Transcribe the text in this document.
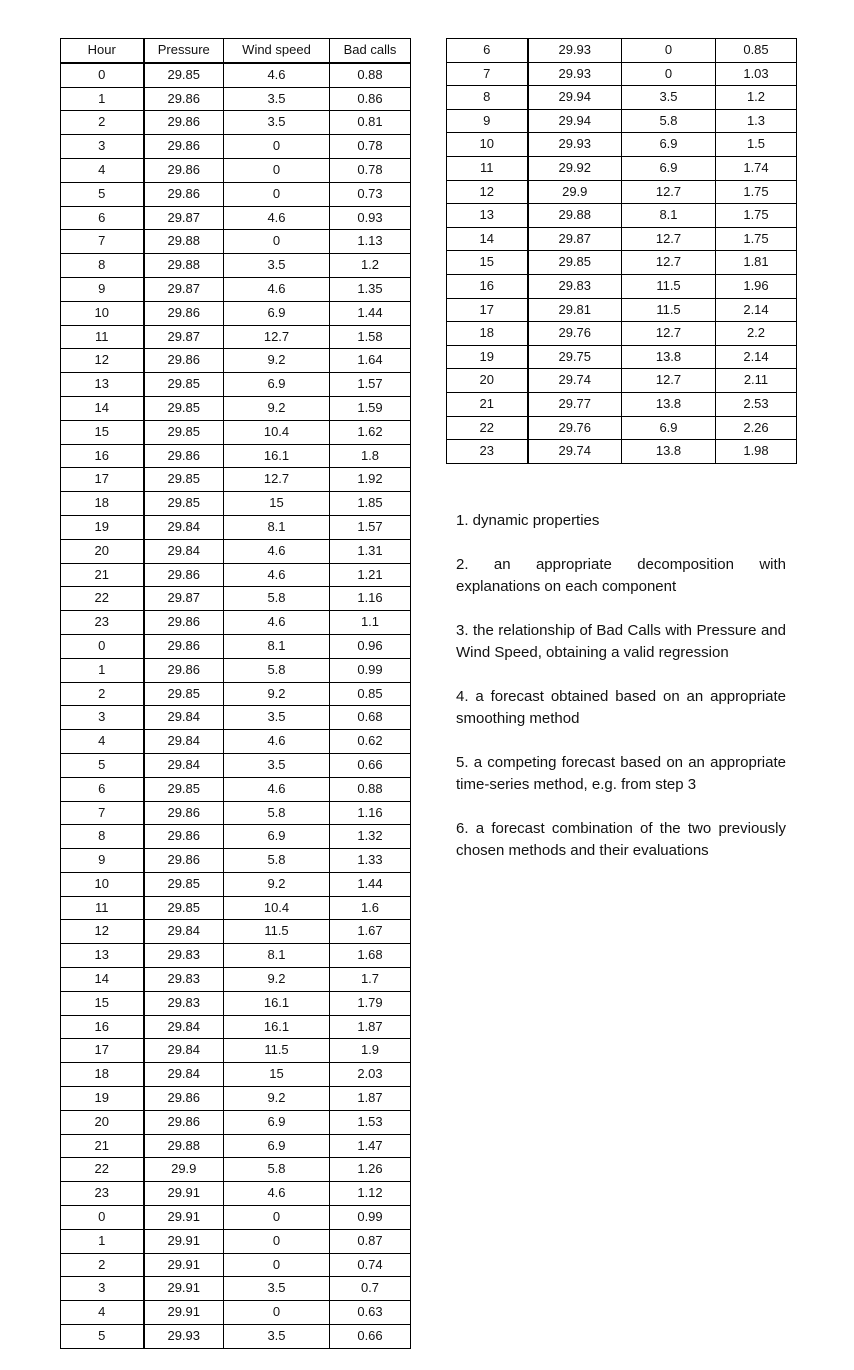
Hour	Pressure	Wind speed	Bad calls
0	29.85	4.6	0.88
1	29.86	3.5	0.86
2	29.86	3.5	0.81
3	29.86	0	0.78
4	29.86	0	0.78
5	29.86	0	0.73
6	29.87	4.6	0.93
7	29.88	0	1.13
8	29.88	3.5	1.2
9	29.87	4.6	1.35
10	29.86	6.9	1.44
11	29.87	12.7	1.58
12	29.86	9.2	1.64
13	29.85	6.9	1.57
14	29.85	9.2	1.59
15	29.85	10.4	1.62
16	29.86	16.1	1.8
17	29.85	12.7	1.92
18	29.85	15	1.85
19	29.84	8.1	1.57
20	29.84	4.6	1.31
21	29.86	4.6	1.21
22	29.87	5.8	1.16
23	29.86	4.6	1.1
0	29.86	8.1	0.96
1	29.86	5.8	0.99
2	29.85	9.2	0.85
3	29.84	3.5	0.68
4	29.84	4.6	0.62
5	29.84	3.5	0.66
6	29.85	4.6	0.88
7	29.86	5.8	1.16
8	29.86	6.9	1.32
9	29.86	5.8	1.33
10	29.85	9.2	1.44
11	29.85	10.4	1.6
12	29.84	11.5	1.67
13	29.83	8.1	1.68
14	29.83	9.2	1.7
15	29.83	16.1	1.79
16	29.84	16.1	1.87
17	29.84	11.5	1.9
18	29.84	15	2.03
19	29.86	9.2	1.87
20	29.86	6.9	1.53
21	29.88	6.9	1.47
22	29.9	5.8	1.26
23	29.91	4.6	1.12
0	29.91	0	0.99
1	29.91	0	0.87
2	29.91	0	0.74
3	29.91	3.5	0.7
4	29.91	0	0.63
5	29.93	3.5	0.66
6	29.93	0	0.85
7	29.93	0	1.03
8	29.94	3.5	1.2
9	29.94	5.8	1.3
10	29.93	6.9	1.5
11	29.92	6.9	1.74
12	29.9	12.7	1.75
13	29.88	8.1	1.75
14	29.87	12.7	1.75
15	29.85	12.7	1.81
16	29.83	11.5	1.96
17	29.81	11.5	2.14
18	29.76	12.7	2.2
19	29.75	13.8	2.14
20	29.74	12.7	2.11
21	29.77	13.8	2.53
22	29.76	6.9	2.26
23	29.74	13.8	1.98

1. dynamic properties

2. an appropriate decomposition with explanations on each component

3. the relationship of Bad Calls with Pressure and Wind Speed, obtaining a valid regression

4. a forecast obtained based on an appropriate smoothing method

5. a competing forecast based on an appropriate time-series method, e.g. from step 3

6. a forecast combination of the two previously chosen methods and their evaluations
